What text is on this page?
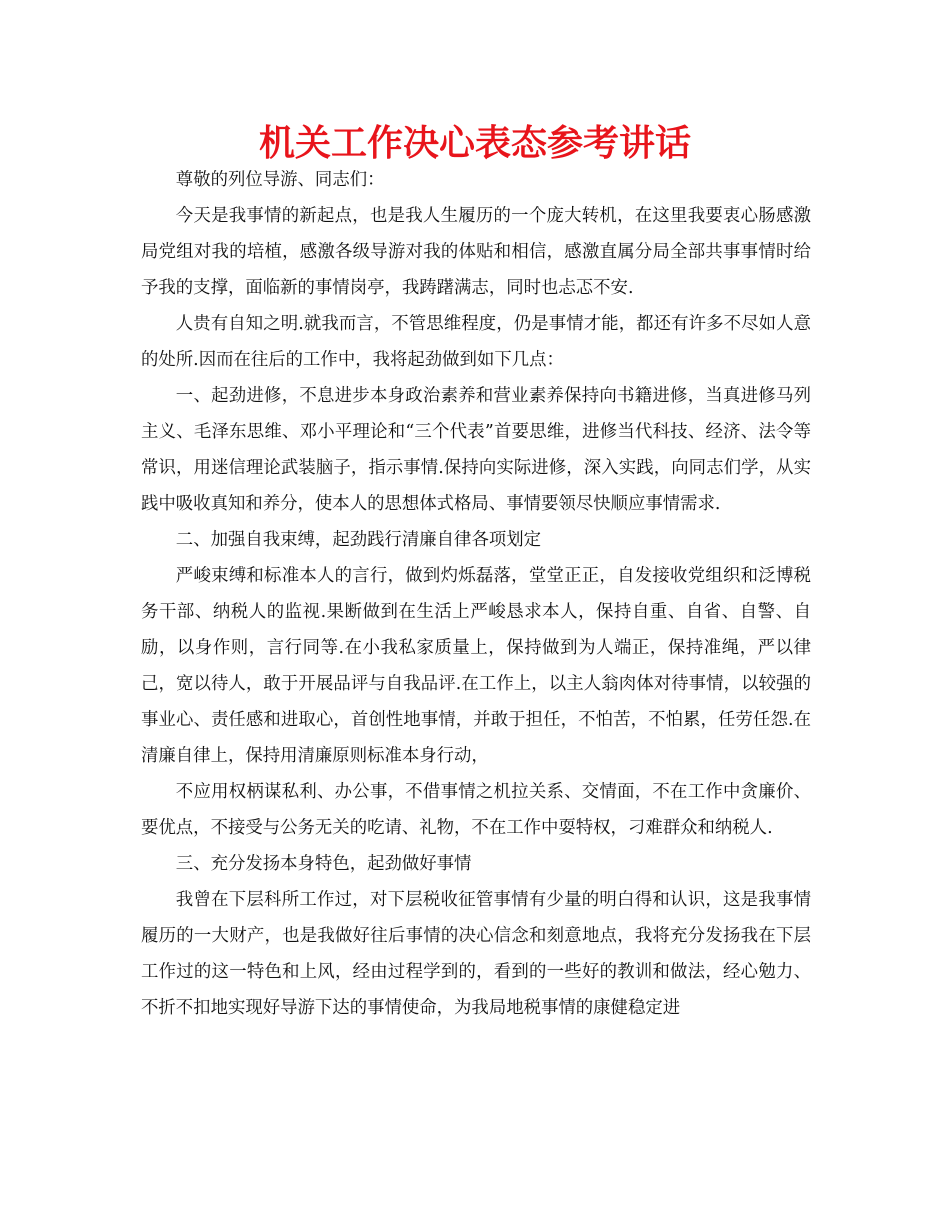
机关工作决心表态参考讲话

尊敬的列位导游、同志们：

今天是我事情的新起点，也是我人生履历的一个庞大转机，在这里我要衷心肠感激局党组对我的培植，感激各级导游对我的体贴和相信，感激直属分局全部共事事情时给予我的支撑，面临新的事情岗亭，我踌躇满志，同时也忐忑不安.

人贵有自知之明.就我而言，不管思维程度，仍是事情才能，都还有许多不尽如人意的处所.因而在往后的工作中，我将起劲做到如下几点：

一、起劲进修，不息进步本身政治素养和营业素养保持向书籍进修，当真进修马列主义、毛泽东思维、邓小平理论和“三个代表”首要思维，进修当代科技、经济、法令等常识，用迷信理论武装脑子，指示事情.保持向实际进修，深入实践，向同志们学，从实践中吸收真知和养分，使本人的思想体式格局、事情要领尽快顺应事情需求.

二、加强自我束缚，起劲践行清廉自律各项划定

严峻束缚和标准本人的言行，做到灼烁磊落，堂堂正正，自发接收党组织和泛博税务干部、纳税人的监视.果断做到在生活上严峻恳求本人，保持自重、自省、自警、自励，以身作则，言行同等.在小我私家质量上，保持做到为人端正，保持准绳，严以律己，宽以待人，敢于开展品评与自我品评.在工作上，以主人翁肉体对待事情，以较强的事业心、责任感和进取心，首创性地事情，并敢于担任，不怕苦，不怕累，任劳任怨.在清廉自律上，保持用清廉原则标准本身行动，

不应用权柄谋私利、办公事，不借事情之机拉关系、交情面，不在工作中贪廉价、要优点，不接受与公务无关的吃请、礼物，不在工作中耍特权，刁难群众和纳税人.

三、充分发扬本身特色，起劲做好事情

我曾在下层科所工作过，对下层税收征管事情有少量的明白得和认识，这是我事情履历的一大财产，也是我做好往后事情的决心信念和刻意地点，我将充分发扬我在下层工作过的这一特色和上风，经由过程学到的，看到的一些好的教训和做法，经心勉力、不折不扣地实现好导游下达的事情使命，为我局地税事情的康健稳定进
